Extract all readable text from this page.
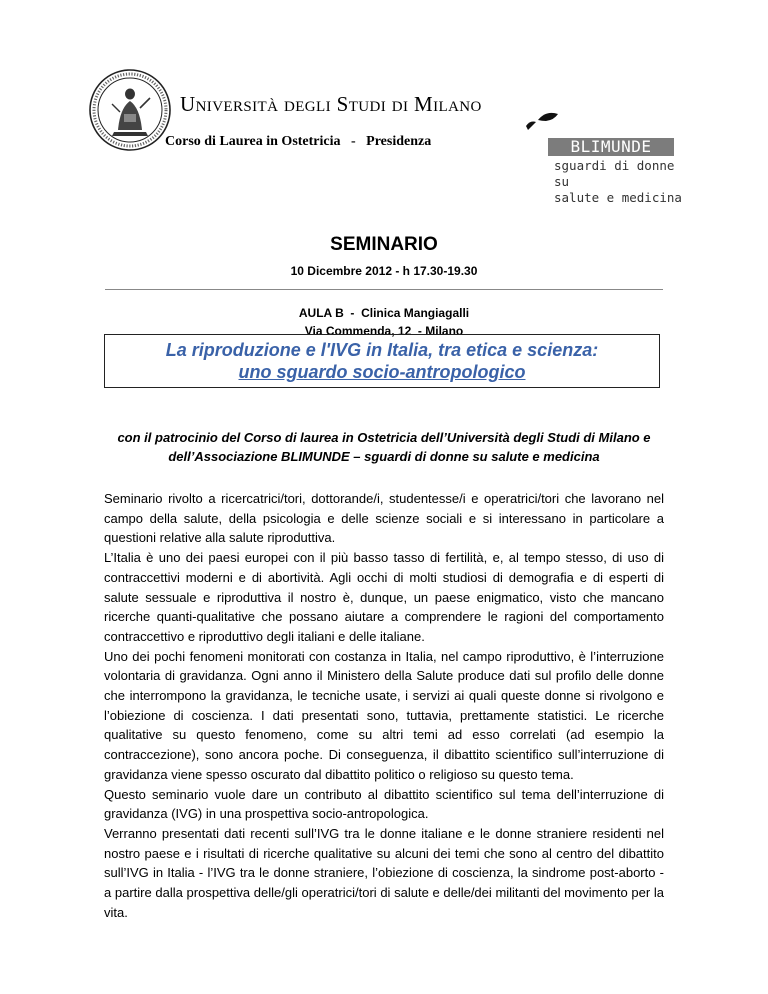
Università degli Studi di Milano
Corso di Laurea in Ostetricia   -   Presidenza	BLIMUNDE
sguardi di donne su
salute e medicina
SEMINARIO
10 Dicembre 2012 - h 17.30-19.30
AULA B  -  Clinica Mangiagalli
Via Commenda, 12  - Milano
La riproduzione e l'IVG in Italia, tra etica e scienza:
uno sguardo socio-antropologico
con il patrocinio del Corso di laurea in Ostetricia dell’Università degli Studi di Milano e
dell’Associazione BLIMUNDE – sguardi di donne su salute e medicina

Seminario rivolto a ricercatrici/tori, dottorande/i, studentesse/i e operatrici/tori che lavorano nel campo della salute, della psicologia e delle scienze sociali e si interessano in particolare a questioni relative alla salute riproduttiva.

L’Italia è uno dei paesi europei con il più basso tasso di fertilità, e, al tempo stesso, di uso di contraccettivi moderni e di abortività. Agli occhi di molti studiosi di demografia e di esperti di salute sessuale e riproduttiva il nostro è, dunque, un paese enigmatico, visto che mancano ricerche quanti-qualitative che possano aiutare a comprendere le ragioni del comportamento contraccettivo e riproduttivo degli italiani e delle italiane.

Uno dei pochi fenomeni monitorati con costanza in Italia, nel campo riproduttivo, è l’interruzione volontaria di gravidanza. Ogni anno il Ministero della Salute produce dati sul profilo delle donne che interrompono la gravidanza, le tecniche usate, i servizi ai quali queste donne si rivolgono e l’obiezione di coscienza. I dati presentati sono, tuttavia, prettamente statistici. Le ricerche qualitative su questo fenomeno, come su altri temi ad esso correlati (ad esempio la contraccezione), sono ancora poche. Di conseguenza, il dibattito scientifico sull’interruzione di gravidanza viene spesso oscurato dal dibattito politico o religioso su questo tema.

Questo seminario vuole dare un contributo al dibattito scientifico sul tema dell’interruzione di gravidanza (IVG) in una prospettiva socio-antropologica.

Verranno presentati dati recenti sull’IVG tra le donne italiane e le donne straniere residenti nel nostro paese e i risultati di ricerche qualitative su alcuni dei temi che sono al centro del dibattito sull’IVG in Italia - l’IVG tra le donne straniere, l’obiezione di coscienza, la sindrome post-aborto - a partire dalla prospettiva delle/gli operatrici/tori di salute e delle/dei militanti del movimento per la vita.
